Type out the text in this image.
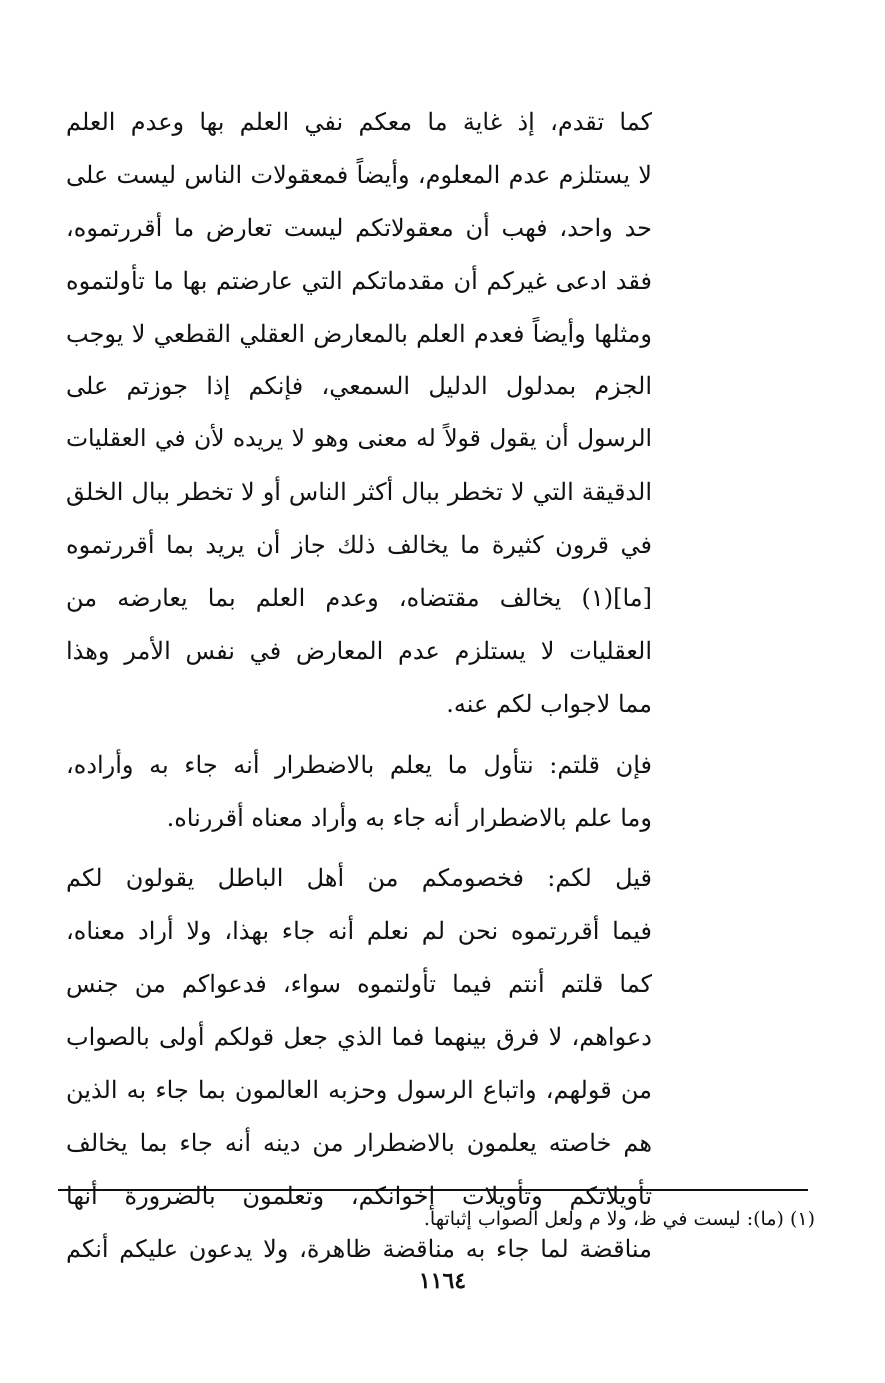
كما تقدم، إذ غاية ما معكم نفي العلم بها وعدم العلم
لا يستلزم عدم المعلوم، وأيضاً فمعقولات الناس ليست على
حد واحد، فهب أن معقولاتكم ليست تعارض ما أقررتموه،
فقد ادعى غيركم أن مقدماتكم التي عارضتم بها ما تأولتموه
ومثلها وأيضاً فعدم العلم بالمعارض العقلي القطعي لا يوجب
الجزم بمدلول الدليل السمعي، فإنكم إذا جوزتم على
الرسول أن يقول قولاً له معنى وهو لا يريده لأن في العقليات
الدقيقة التي لا تخطر ببال أكثر الناس أو لا تخطر ببال الخلق
في قرون كثيرة ما يخالف ذلك جاز أن يريد بما أقررتموه
[ما](١) يخالف مقتضاه، وعدم العلم بما يعارضه من
العقليات لا يستلزم عدم المعارض في نفس الأمر وهذا
مما لاجواب لكم عنه.

فإن قلتم: نتأول ما يعلم بالاضطرار أنه جاء به وأراده،
وما علم بالاضطرار أنه جاء به وأراد معناه أقررناه.

قيل لكم: فخصومكم من أهل الباطل يقولون لكم
فيما أقررتموه نحن لم نعلم أنه جاء بهذا، ولا أراد معناه،
كما قلتم أنتم فيما تأولتموه سواء، فدعواكم من جنس
دعواهم، لا فرق بينهما فما الذي جعل قولكم أولى بالصواب
من قولهم، واتباع الرسول وحزبه العالمون بما جاء به الذين
هم خاصته يعلمون بالاضطرار من دينه أنه جاء بما يخالف
تأويلاتكم وتأويلات إخوانكم، وتعلمون بالضرورة أنها
مناقضة لما جاء به مناقضة ظاهرة، ولا يدعون عليكم أنكم

(١) (ما): ليست في ظ، ولا م ولعل الصواب إثباتها.
١١٦٤
